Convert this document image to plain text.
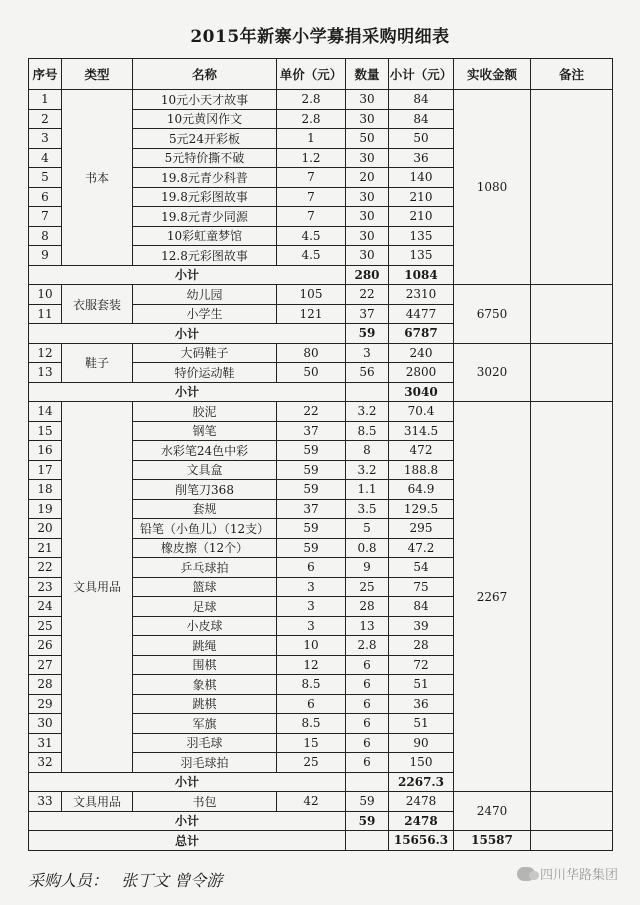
2015年新寨小学募捐采购明细表
序号	类型	名称	单价（元）	数量	小计（元）	实收金额	备注
1	书本	10元小天才故事	2.8	30	84	1080	
2		10元黄冈作文	2.8	30	84		
3		5元24开彩板	1	50	50		
4		5元特价撕不破	1.2	30	36		
5		19.8元青少科普	7	20	140		
6		19.8元彩图故事	7	30	210		
7		19.8元青少同源	7	30	210		
8		10彩虹童梦馆	4.5	30	135		
9		12.8元彩图故事	4.5	30	135		
小计				280	1084		
10	衣服套装	幼儿园	105	22	2310	6750	
11		小学生	121	37	4477		
小计				59	6787		
12	鞋子	大码鞋子	80	3	240	3020	
13		特价运动鞋	50	56	2800		
小计					3040		
14	文具用品	胶泥	22	3.2	70.4	2267	
15		钢笔	37	8.5	314.5		
16		水彩笔24色中彩	59	8	472		
17		文具盒	59	3.2	188.8		
18		削笔刀368	59	1.1	64.9		
19		套规	37	3.5	129.5		
20		铅笔（小鱼儿）（12支）	59	5	295		
21		橡皮擦（12个）	59	0.8	47.2		
22		乒乓球拍	6	9	54		
23		篮球	3	25	75		
24		足球	3	28	84		
25		小皮球	3	13	39		
26		跳绳	10	2.8	28		
27		围棋	12	6	72		
28		象棋	8.5	6	51		
29		跳棋	6	6	36		
30		军旗	8.5	6	51		
31		羽毛球	15	6	90		
32		羽毛球拍	25	6	150		
小计					2267.3		
33	文具用品	书包	42	59	2478	2470	
小计				59	2478		
总计					15656.3	15587	
采购人员： 张丁文 曾令游	四川华路集团
